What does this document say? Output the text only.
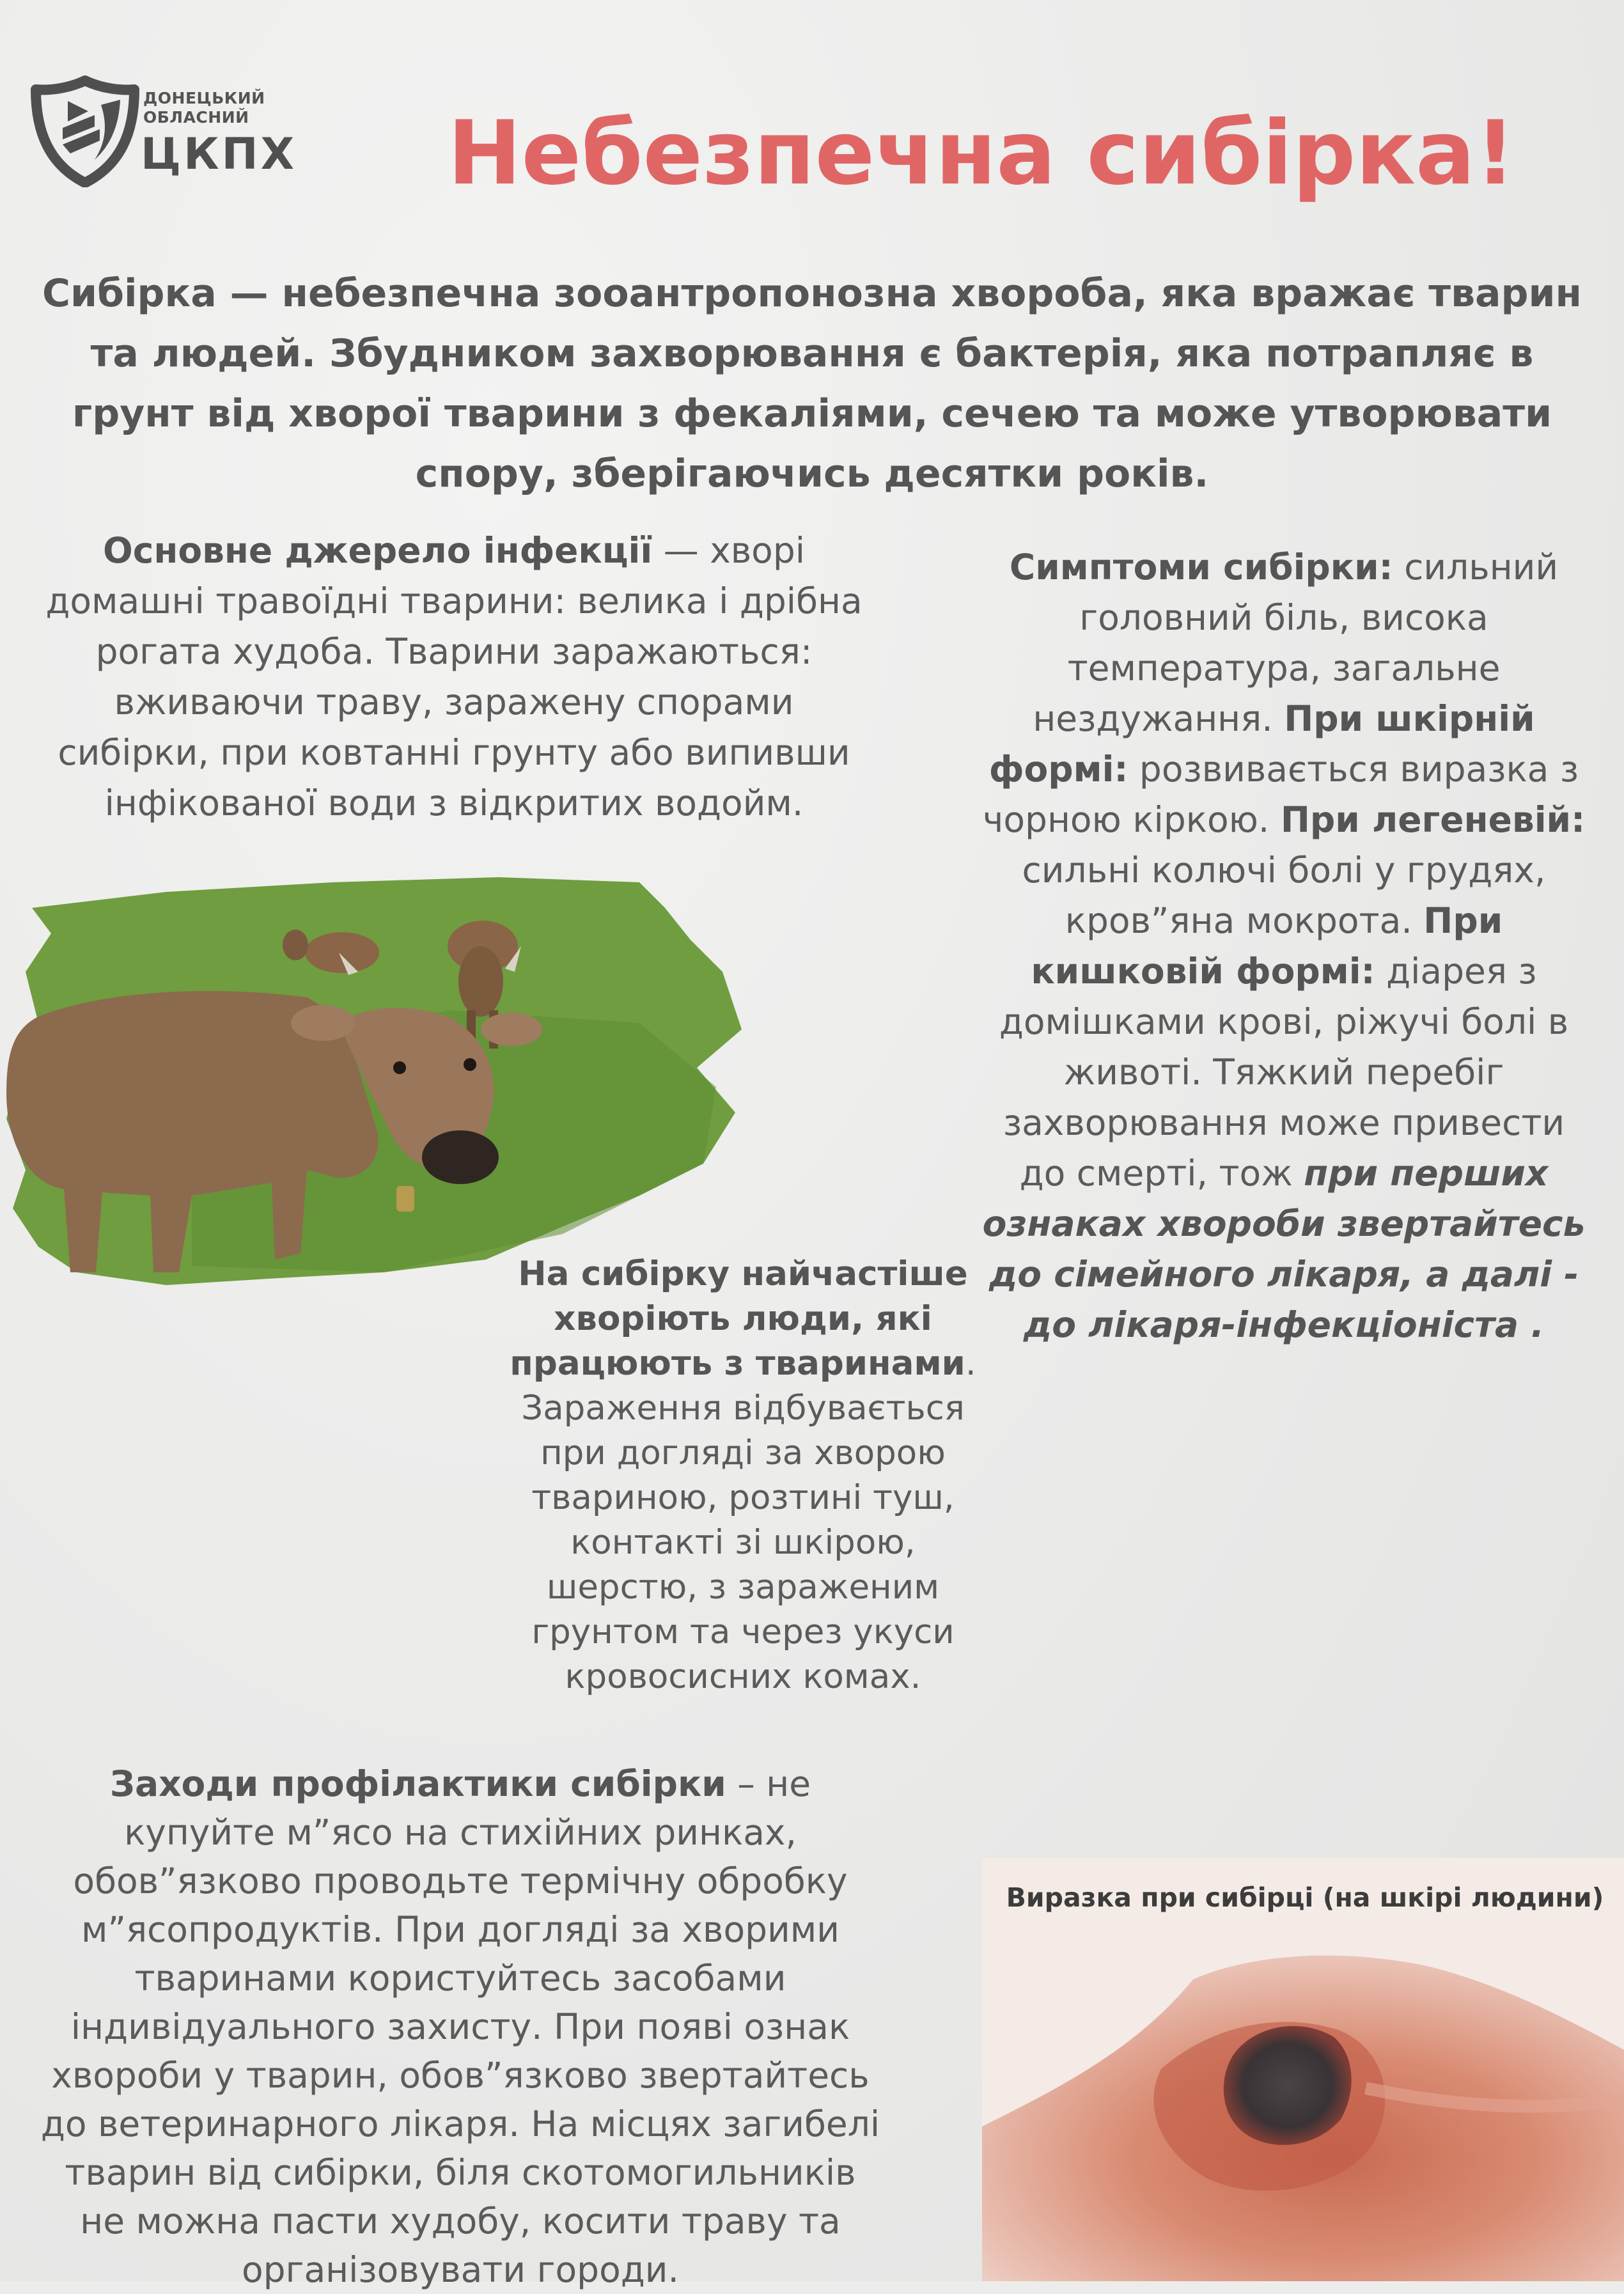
ДОНЕЦЬКИЙ
ОБЛАСНИЙ
ЦКПХ Небезпечна сибірка!
Сибірка — небезпечна зооантропонозна хвороба, яка вражає тварин та людей. Збудником захворювання є бактерія, яка потрапляє в грунт від хворої тварини з фекаліями, сечею та може утворювати спору, зберігаючись десятки років.
Основне джерело інфекції — хворі домашні травоїдні тварини: велика і дрібна рогата худоба. Тварини заражаються: вживаючи траву, заражену спорами сибірки, при ковтанні грунту або випивши інфікованої води з відкритих водойм.
Симптоми сибірки: сильний головний біль, висока температура, загальне нездужання. При шкірній формі: розвивається виразка з чорною кіркою. При легеневій: сильні колючі болі у грудях, кров”яна мокрота. При кишковій формі: діарея з домішками крові, ріжучі болі в животі. Тяжкий перебіг захворювання може привести до смерті, тож при перших ознаках хвороби звертайтесь до сімейного лікаря, а далі - до лікаря-інфекціоніста .
На сибірку найчастіше хворіють люди, які працюють з тваринами. Зараження відбувається при догляді за хворою твариною, розтині туш, контакті зі шкірою, шерстю, з зараженим грунтом та через укуси кровосисних комах.
Заходи профілактики сибірки – не купуйте м”ясо на стихійних ринках, обов”язково проводьте термічну обробку м”ясопродуктів. При догляді за хворими тваринами користуйтесь засобами індивідуального захисту. При появі ознак хвороби у тварин, обов”язково звертайтесь до ветеринарного лікаря. На місцях загибелі тварин від сибірки, біля скотомогильників не можна пасти худобу, косити траву та організовувати городи.
Виразка при сибірці (на шкірі людини)
